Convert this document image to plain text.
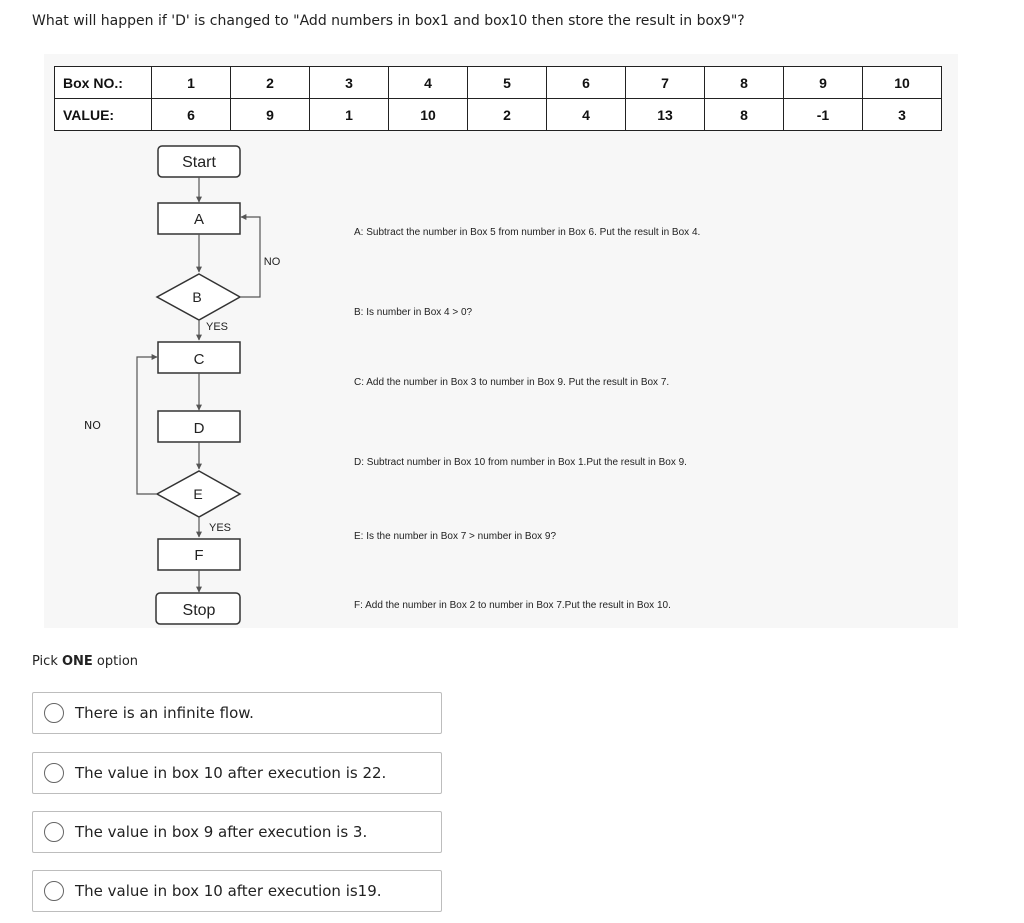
What will happen if 'D' is changed to "Add numbers in box1 and box10 then store the result in box9"?
Box NO.:	1	2	3	4	5	6	7	8	9	10
VALUE:	6	9	1	10	2	4	13	8	-1	3
Start
A
B
NO
YES
C
D
E
YES
F
Stop
A: Subtract the number in Box 5 from number in Box 6. Put the result in Box 4.
B: Is number in Box 4 > 0?
C: Add the number in Box 3 to number in Box 9. Put the result in Box 7.
D: Subtract number in Box 10 from number in Box 1.Put the result in Box 9.
E: Is the number in Box 7 > number in Box 9?
F: Add the number in Box 2 to number in Box 7.Put the result in Box 10.
NO
Pick ONE option
There is an infinite flow.
The value in box 10 after execution is 22.
The value in box 9 after execution is 3.
The value in box 10 after execution is19.
